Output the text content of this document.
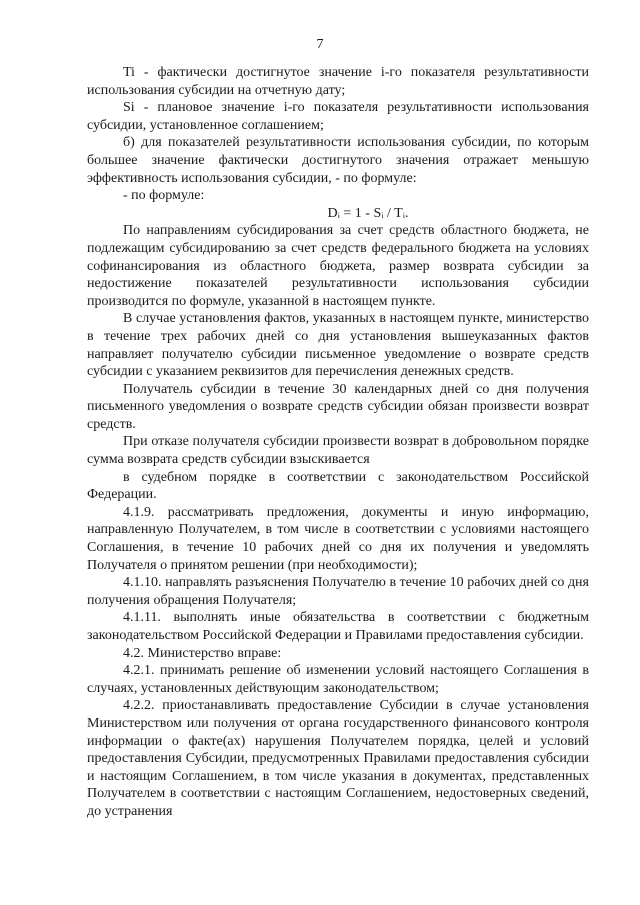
7

Ti - фактически достигнутое значение i-го показателя результативности использования субсидии на отчетную дату;

Si - плановое значение i-го показателя результативности использования субсидии, установленное соглашением;

б) для показателей результативности использования субсидии, по которым большее значение фактически достигнутого значения отражает меньшую эффективность использования субсидии, - по формуле:

- по формуле:

Dᵢ = 1 - Sᵢ / Tᵢ.

По направлениям субсидирования за счет средств областного бюджета, не подлежащим субсидированию за счет средств федерального бюджета на условиях софинансирования из областного бюджета, размер возврата субсидии за недостижение показателей результативности использования субсидии производится по формуле, указанной в настоящем пункте.

В случае установления фактов, указанных в настоящем пункте, министерство в течение трех рабочих дней со дня установления вышеуказанных фактов направляет получателю субсидии письменное уведомление о возврате средств субсидии с указанием реквизитов для перечисления денежных средств.

Получатель субсидии в течение 30 календарных дней со дня получения письменного уведомления о возврате средств субсидии обязан произвести возврат средств.

При отказе получателя субсидии произвести возврат в добровольном порядке сумма возврата средств субсидии взыскивается

в судебном порядке в соответствии с законодательством Российской Федерации.

4.1.9. рассматривать предложения, документы и иную информацию, направленную Получателем, в том числе в соответствии с условиями настоящего Соглашения, в течение 10 рабочих дней со дня их получения и уведомлять Получателя о принятом решении (при необходимости);

4.1.10. направлять разъяснения Получателю в течение 10 рабочих дней со дня получения обращения Получателя;

4.1.11. выполнять иные обязательства в соответствии с бюджетным законодательством Российской Федерации и Правилами предоставления субсидии.

4.2. Министерство вправе:

4.2.1. принимать решение об изменении условий настоящего Соглашения в случаях, установленных действующим законодательством;

4.2.2. приостанавливать предоставление Субсидии в случае установления Министерством или получения от органа государственного финансового контроля информации о факте(ах) нарушения Получателем порядка, целей и условий предоставления Субсидии, предусмотренных Правилами предоставления субсидии и настоящим Соглашением, в том числе указания в документах, представленных Получателем в соответствии с настоящим Соглашением, недостоверных сведений, до устранения
